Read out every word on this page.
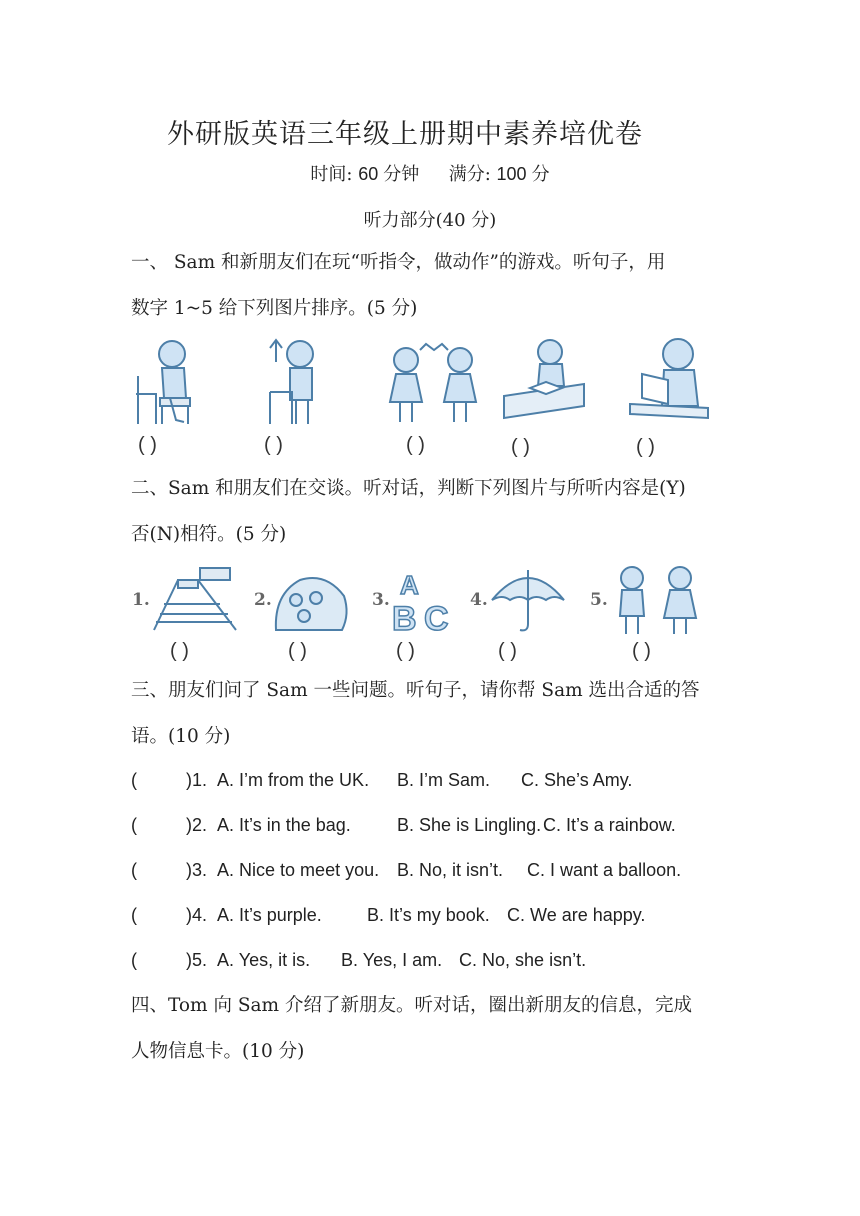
外研版英语三年级上册期中素养培优卷
时间: 60 分钟 满分: 100 分
听力部分(40 分)
一、 Sam 和新朋友们在玩“听指令，做动作”的游戏。听句子，用
数字 1~5 给下列图片排序。(5 分)
( )	( )	( )	( )	( )
二、Sam 和朋友们在交谈。听对话，判断下列图片与所听内容是(Y)
否(N)相符。(5 分)
1.	2.	3. A
B C 4.	5.
( )	( )	( )	( )	( )
三、朋友们问了 Sam 一些问题。听句子，请你帮 Sam 选出合适的答
语。(10 分)
(	)1. A. I’m from the UK. B. I’m Sam. C. She’s Amy.
(	)2. A. It’s in the bag.	B. She is Lingling. C. It’s a rainbow.
(	)3. A. Nice to meet you. B. No, it isn’t. C. I want a balloon.
(	)4. A. It’s purple.	B. It’s my book. C. We are happy.
(	)5. A. Yes, it is. B. Yes, I am. C. No, she isn’t.
四、Tom 向 Sam 介绍了新朋友。听对话，圈出新朋友的信息，完成
人物信息卡。(10 分)
